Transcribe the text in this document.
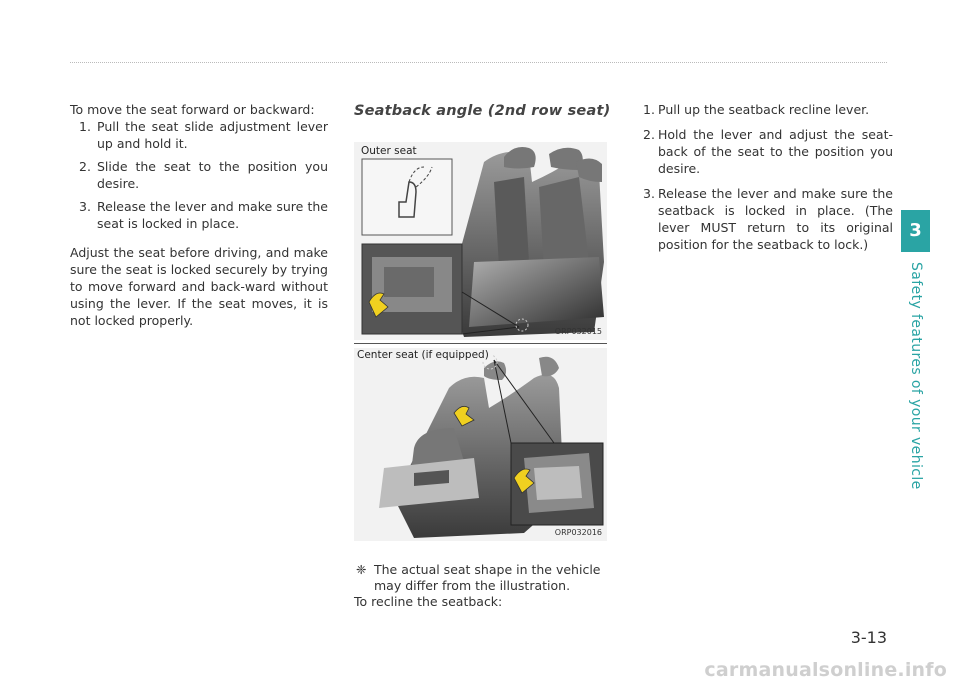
To move the seat forward or backward:

1. Pull the seat slide adjustment lever up and hold it.
2. Slide the seat to the position you desire.
3. Release the lever and make sure the seat is locked in place.

Adjust the seat before driving, and make sure the seat is locked securely by trying to move forward and back-ward without using the lever. If the seat moves, it is not locked properly.

Seatback angle (2nd row seat)
Outer seat
ORP032015
Center seat (if equipped)
ORP032016
❈ The actual seat shape in the vehicle may differ from the illustration.
To recline the seatback:
1. Pull up the seatback recline lever.
2. Hold the lever and adjust the seat-back of the seat to the position you desire.
3. Release the lever and make sure the seatback is locked in place. (The lever MUST return to its original position for the seatback to lock.)
3
Safety features of your vehicle
3-13
carmanualsonline.info
